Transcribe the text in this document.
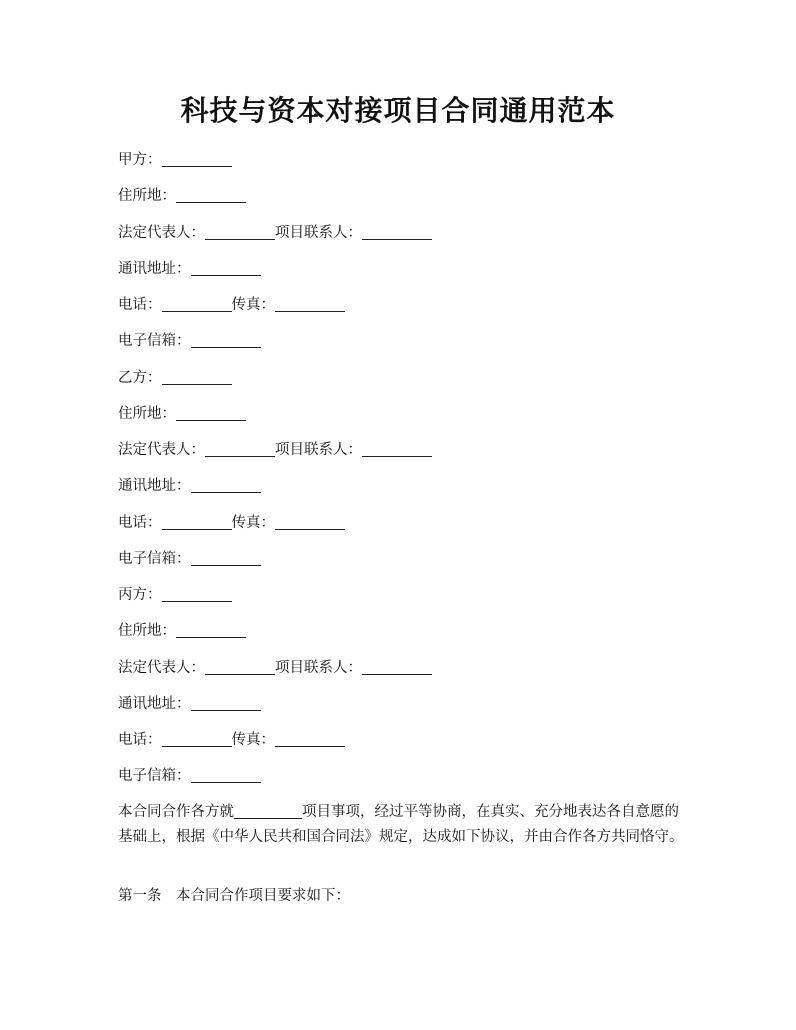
科技与资本对接项目合同通用范本
甲方：
住所地：
法定代表人：	项目联系人：
通讯地址：
电话：	传真：
电子信箱：
乙方：
住所地：
法定代表人：	项目联系人：
通讯地址：
电话：	传真：
电子信箱：
丙方：
住所地：
法定代表人：	项目联系人：
通讯地址：
电话：	传真：
电子信箱：

本合同合作各方就	项目事项，经过平等协商，在真实、充分地表达各自意愿的基础上，根据《中华人民共和国合同法》规定，达成如下协议，并由合作各方共同恪守。

第一条　本合同合作项目要求如下：
